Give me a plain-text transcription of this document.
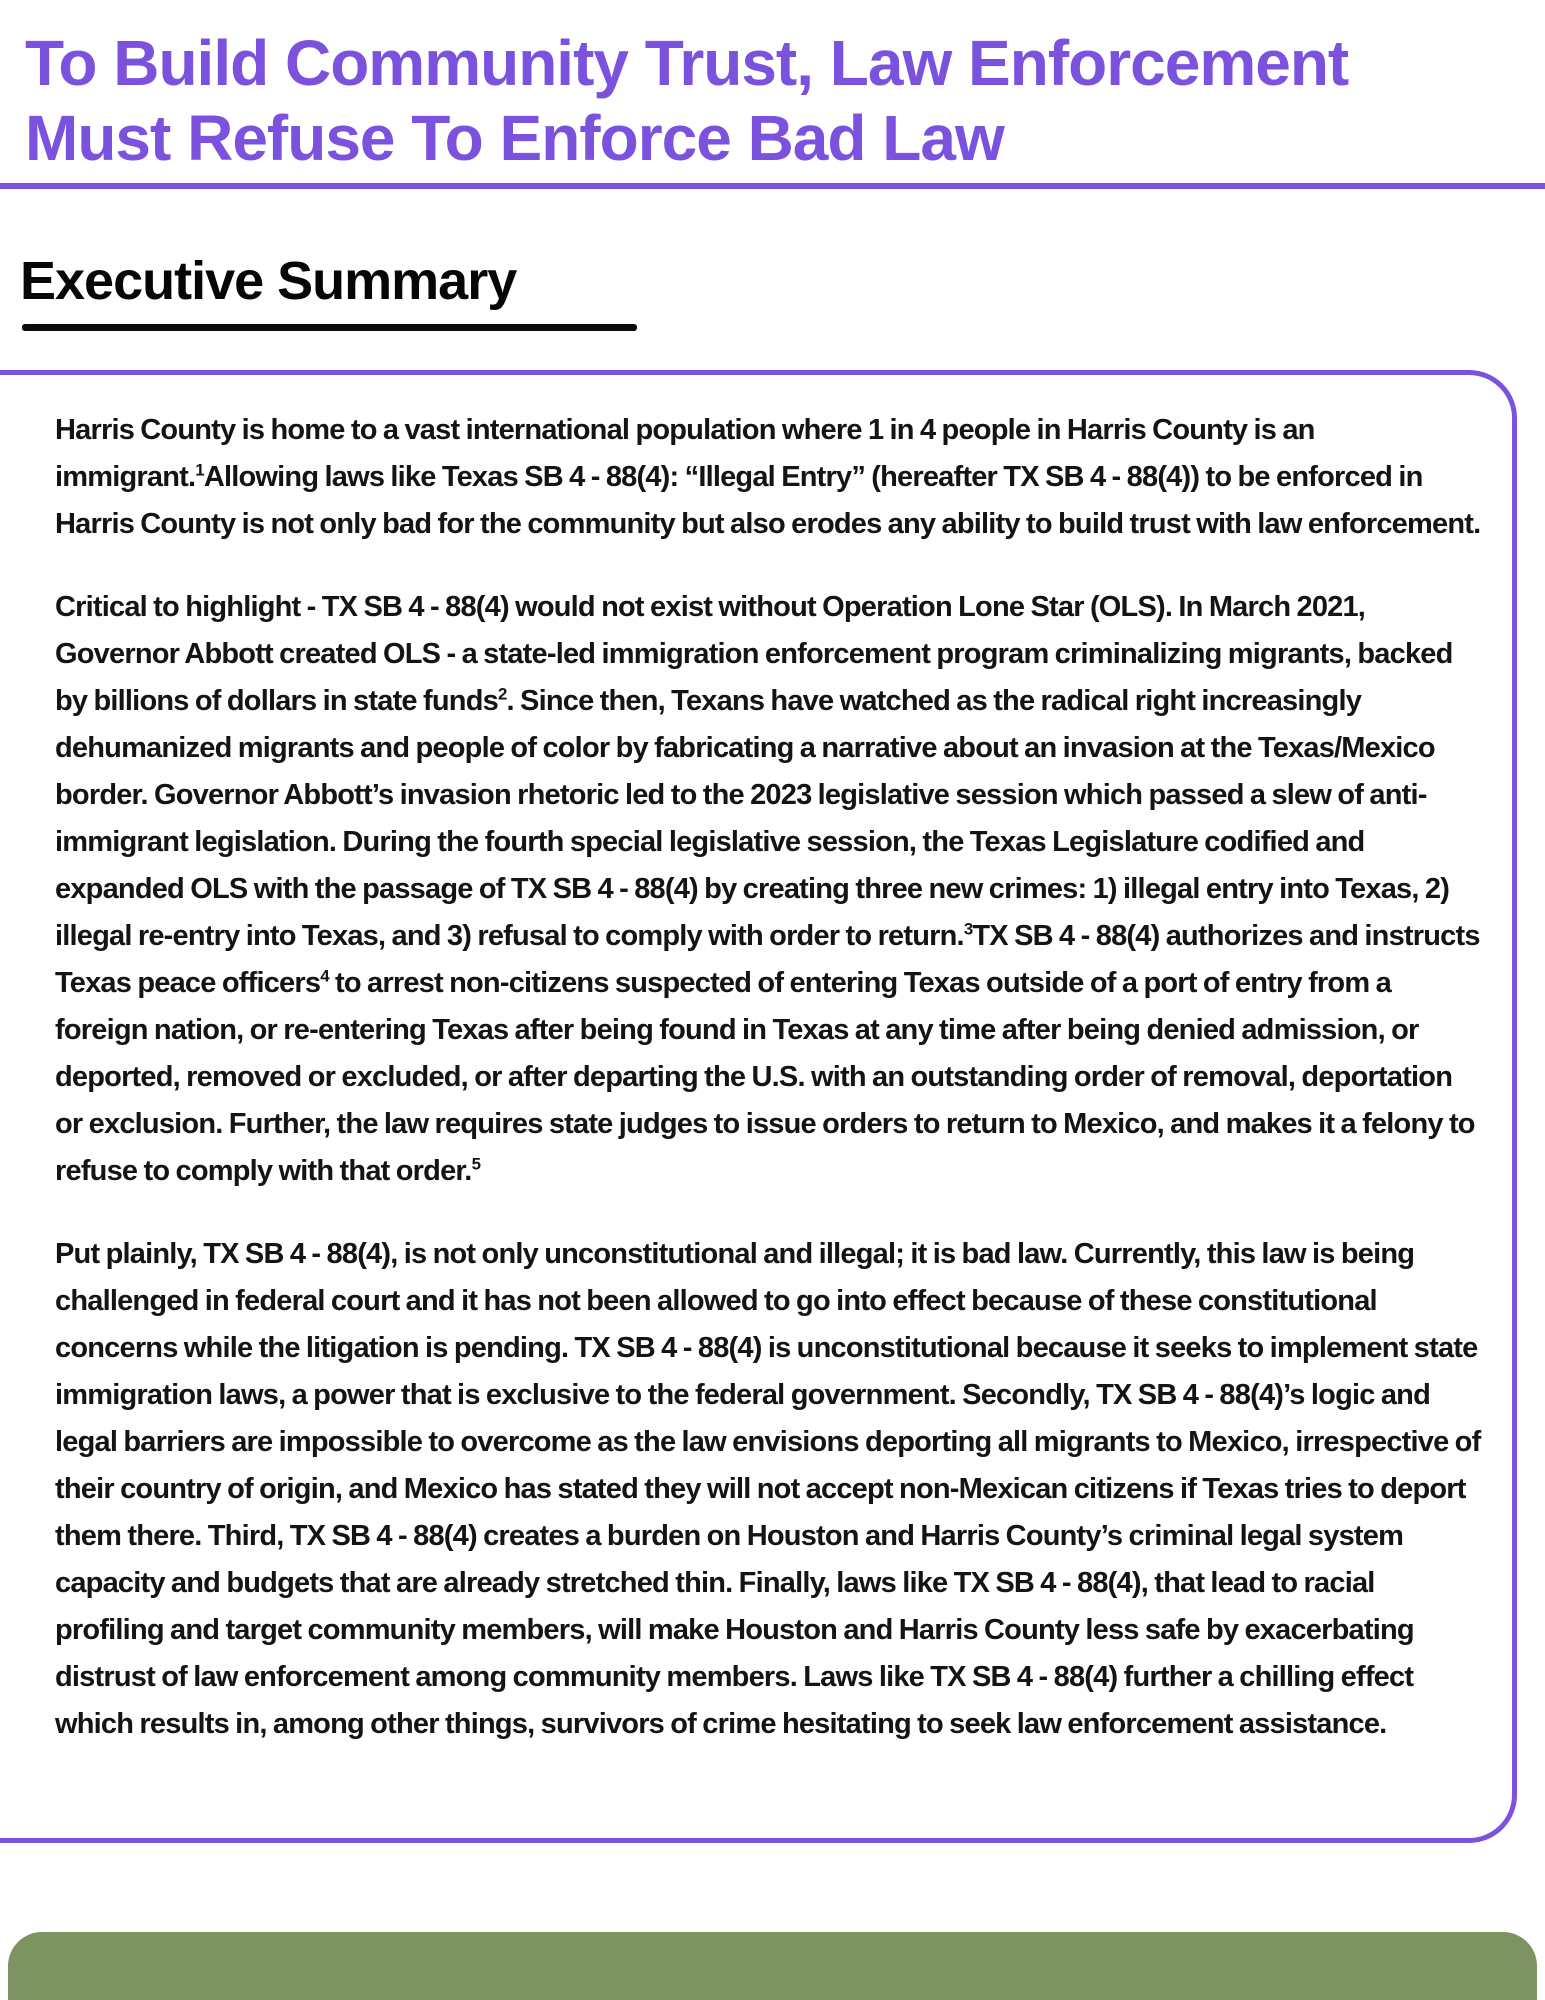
To Build Community Trust, Law Enforcement
Must Refuse To Enforce Bad Law
Executive Summary

Harris County is home to a vast international population where 1 in 4 people in Harris County is an immigrant.$^1$Allowing laws like Texas SB 4 - 88(4): “Illegal Entry” (hereafter TX SB 4 - 88(4)) to be enforced in Harris County is not only bad for the community but also erodes any ability to build trust with law enforcement.

Critical to highlight - TX SB 4 - 88(4) would not exist without Operation Lone Star (OLS). In March 2021, Governor Abbott created OLS - a state-led immigration enforcement program criminalizing migrants, backed by billions of dollars in state funds$^2$. Since then, Texans have watched as the radical right increasingly dehumanized migrants and people of color by fabricating a narrative about an invasion at the Texas/Mexico border. Governor Abbott’s invasion rhetoric led to the 2023 legislative session which passed a slew of anti-immigrant legislation. During the fourth special legislative session, the Texas Legislature codified and expanded OLS with the passage of TX SB 4 - 88(4) by creating three new crimes: 1) illegal entry into Texas, 2) illegal re-entry into Texas, and 3) refusal to comply with order to return.$^3$TX SB 4 - 88(4) authorizes and instructs Texas peace officers$^4$ to arrest non-citizens suspected of entering Texas outside of a port of entry from a foreign nation, or re-entering Texas after being found in Texas at any time after being denied admission, or deported, removed or excluded, or after departing the U.S. with an outstanding order of removal, deportation or exclusion. Further, the law requires state judges to issue orders to return to Mexico, and makes it a felony to refuse to comply with that order.$^5$

Put plainly, TX SB 4 - 88(4), is not only unconstitutional and illegal; it is bad law. Currently, this law is being challenged in federal court and it has not been allowed to go into effect because of these constitutional concerns while the litigation is pending. TX SB 4 - 88(4) is unconstitutional because it seeks to implement state immigration laws, a power that is exclusive to the federal government. Secondly, TX SB 4 - 88(4)’s logic and legal barriers are impossible to overcome as the law envisions deporting all migrants to Mexico, irrespective of their country of origin, and Mexico has stated they will not accept non-Mexican citizens if Texas tries to deport them there. Third, TX SB 4 - 88(4) creates a burden on Houston and Harris County’s criminal legal system capacity and budgets that are already stretched thin. Finally, laws like TX SB 4 - 88(4), that lead to racial profiling and target community members, will make Houston and Harris County less safe by exacerbating distrust of law enforcement among community members. Laws like TX SB 4 - 88(4) further a chilling effect which results in, among other things, survivors of crime hesitating to seek law enforcement assistance.
